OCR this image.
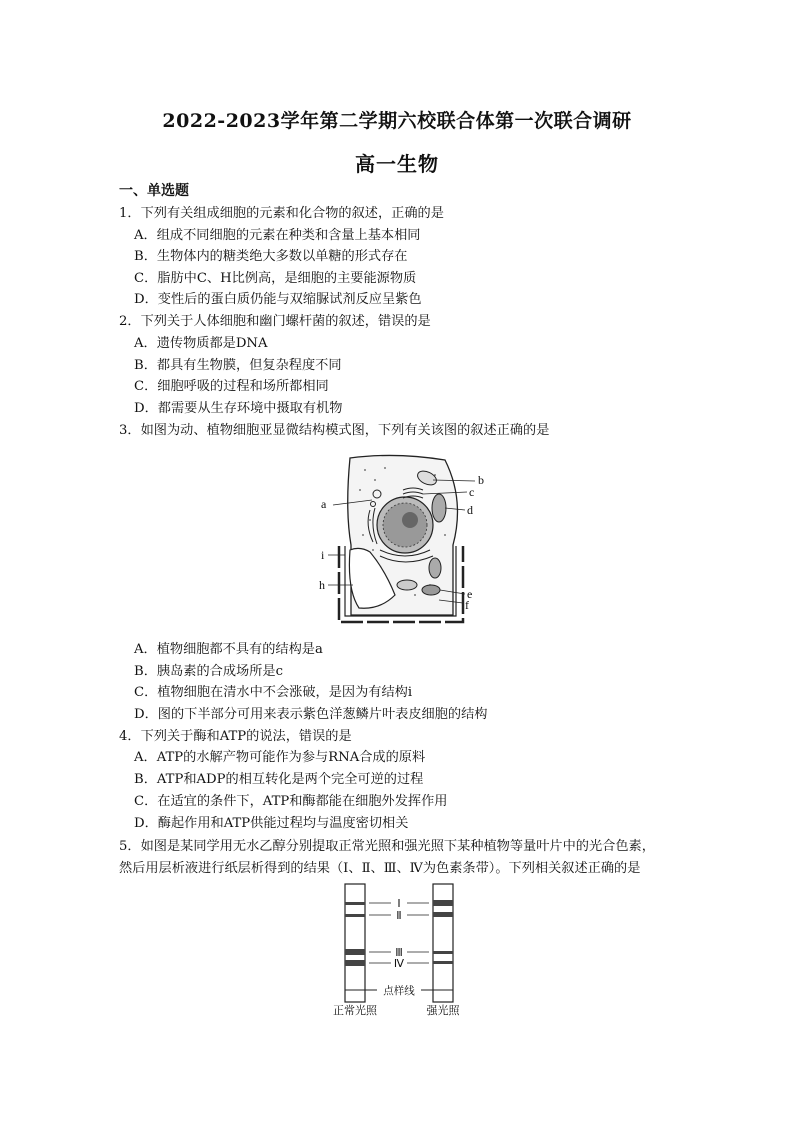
2022-2023学年第二学期六校联合体第一次联合调研
高一生物
一、单选题
1．下列有关组成细胞的元素和化合物的叙述，正确的是
A．组成不同细胞的元素在种类和含量上基本相同
B．生物体内的糖类绝大多数以单糖的形式存在
C．脂肪中C、H比例高，是细胞的主要能源物质
D．变性后的蛋白质仍能与双缩脲试剂反应呈紫色
2．下列关于人体细胞和幽门螺杆菌的叙述，错误的是
A．遗传物质都是DNA
B．都具有生物膜，但复杂程度不同
C．细胞呼吸的过程和场所都相同
D．都需要从生存环境中摄取有机物
3．如图为动、植物细胞亚显微结构模式图，下列有关该图的叙述正确的是
a
b
c
d
e
f
h
i
A．植物细胞都不具有的结构是a
B．胰岛素的合成场所是c
C．植物细胞在清水中不会涨破，是因为有结构i
D．图的下半部分可用来表示紫色洋葱鳞片叶表皮细胞的结构
4．下列关于酶和ATP的说法，错误的是
A．ATP的水解产物可能作为参与RNA合成的原料
B．ATP和ADP的相互转化是两个完全可逆的过程
C．在适宜的条件下，ATP和酶都能在细胞外发挥作用
D．酶起作用和ATP供能过程均与温度密切相关
5．如图是某同学用无水乙醇分别提取正常光照和强光照下某种植物等量叶片中的光合色素，
然后用层析液进行纸层析得到的结果（Ⅰ、Ⅱ、Ⅲ、Ⅳ为色素条带）。下列相关叙述正确的是
Ⅰ
Ⅱ
Ⅲ
Ⅳ
点样线
正常光照	强光照
